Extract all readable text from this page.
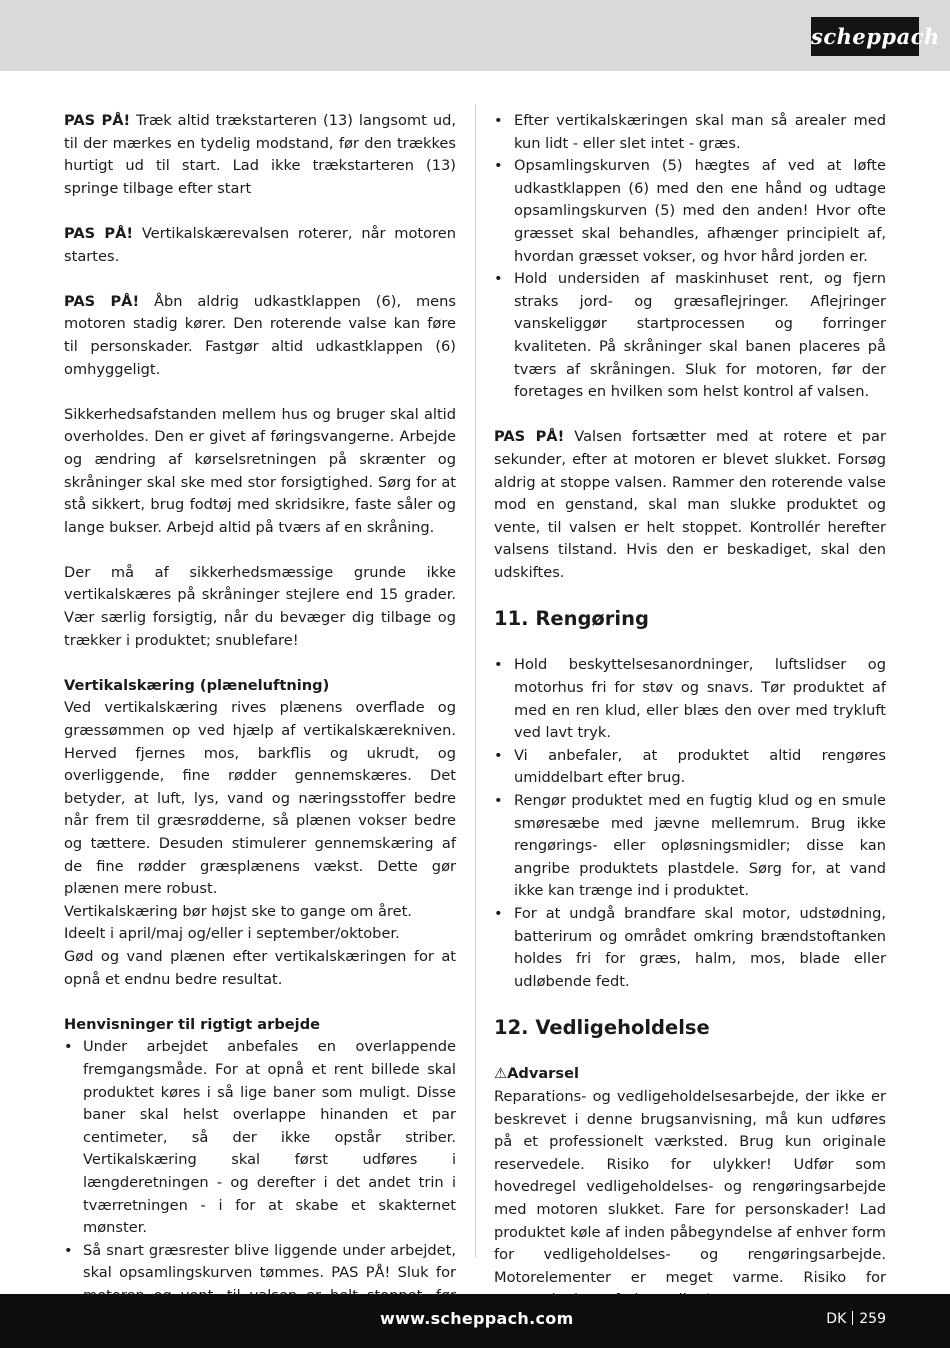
scheppach

PAS PÅ! Træk altid trækstarteren (13) langsomt ud, til der mærkes en tydelig modstand, før den trækkes hurtigt ud til start. Lad ikke trækstarteren (13) springe tilbage efter start

PAS PÅ! Vertikalskærevalsen roterer, når motoren startes.

PAS PÅ! Åbn aldrig udkastklappen (6), mens motoren stadig kører. Den roterende valse kan føre til personskader. Fastgør altid udkastklappen (6) omhyggeligt.

Sikkerhedsafstanden mellem hus og bruger skal altid overholdes. Den er givet af føringsvangerne. Arbejde og ændring af kørselsretningen på skrænter og skråninger skal ske med stor forsigtighed. Sørg for at stå sikkert, brug fodtøj med skridsikre, faste såler og lange bukser. Arbejd altid på tværs af en skråning.

Der må af sikkerhedsmæssige grunde ikke vertikalskæres på skråninger stejlere end 15 grader. Vær særlig forsigtig, når du bevæger dig tilbage og trækker i produktet; snublefare!

Vertikalskæring (plæneluftning)

Ved vertikalskæring rives plænens overflade og græssømmen op ved hjælp af vertikalskærekniven. Herved fjernes mos, barkflis og ukrudt, og overliggende, fine rødder gennemskæres. Det betyder, at luft, lys, vand og næringsstoffer bedre når frem til græsrødderne, så plænen vokser bedre og tættere. Desuden stimulerer gennemskæring af de fine rødder græsplænens vækst. Dette gør plænen mere robust.

Vertikalskæring bør højst ske to gange om året.

Ideelt i april/maj og/eller i september/oktober.

Gød og vand plænen efter vertikalskæringen for at opnå et endnu bedre resultat.

Henvisninger til rigtigt arbejde

• Under arbejdet anbefales en overlappende fremgangsmåde. For at opnå et rent billede skal produktet køres i så lige baner som muligt. Disse baner skal helst overlappe hinanden et par centimeter, så der ikke opstår striber. Vertikalskæring skal først udføres i længderetningen - og derefter i det andet trin i tværretningen - i for at skabe et skakternet mønster.
• Så snart græsrester blive liggende under arbejdet, skal opsamlingskurven tømmes. PAS PÅ! Sluk for
• Efter vertikalskæringen skal man så arealer med kun lidt - eller slet intet - græs.
• Opsamlingskurven (5) hægtes af ved at løfte udkastklappen (6) med den ene hånd og udtage opsamlingskurven (5) med den anden! Hvor ofte græsset skal behandles, afhænger principielt af, hvordan græsset vokser, og hvor hård jorden er.
• Hold undersiden af maskinhuset rent, og fjern straks jord- og græsaflejringer. Aflejringer vanskeliggør startprocessen og forringer kvaliteten. På skråninger skal banen placeres på tværs af skråningen. Sluk for motoren, før der foretages en hvilken som helst kontrol af valsen.

PAS PÅ! Valsen fortsætter med at rotere et par sekunder, efter at motoren er blevet slukket. Forsøg aldrig at stoppe valsen. Rammer den roterende valse mod en genstand, skal man slukke produktet og vente, til valsen er helt stoppet. Kontrollér herefter valsens tilstand. Hvis den er beskadiget, skal den udskiftes.

11. Rengøring
• Hold beskyttelsesanordninger, luftslidser og motorhus fri for støv og snavs. Tør produktet af med en ren klud, eller blæs den over med trykluft ved lavt tryk.
• Vi anbefaler, at produktet altid rengøres umiddelbart efter brug.
• Rengør produktet med en fugtig klud og en smule smøresæbe med jævne mellemrum. Brug ikke rengørings- eller opløsningsmidler; disse kan angribe produktets plastdele. Sørg for, at vand ikke kan trænge ind i produktet.
• For at undgå brandfare skal motor, udstødning, batterirum og området omkring brændstoftanken holdes fri for græs, halm, mos, blade eller udløbende fedt.
12. Vedligeholdelse

⚠Advarsel

Reparations- og vedligeholdelsesarbejde, der ikke er beskrevet i denne brugsanvisning, må kun udføres på et professionelt værksted. Brug kun originale reservedele. Risiko for ulykker! Udfør som hovedregel vedligeholdelses- og rengøringsarbejde med motoren slukket. Fare for personskader! Lad produktet køle af inden påbegyndelse af enhver form for vedligeholdelses- og rengøringsarbejde. Motorelementer er meget varme. Risiko for

www.scheppach.com	DK 259
